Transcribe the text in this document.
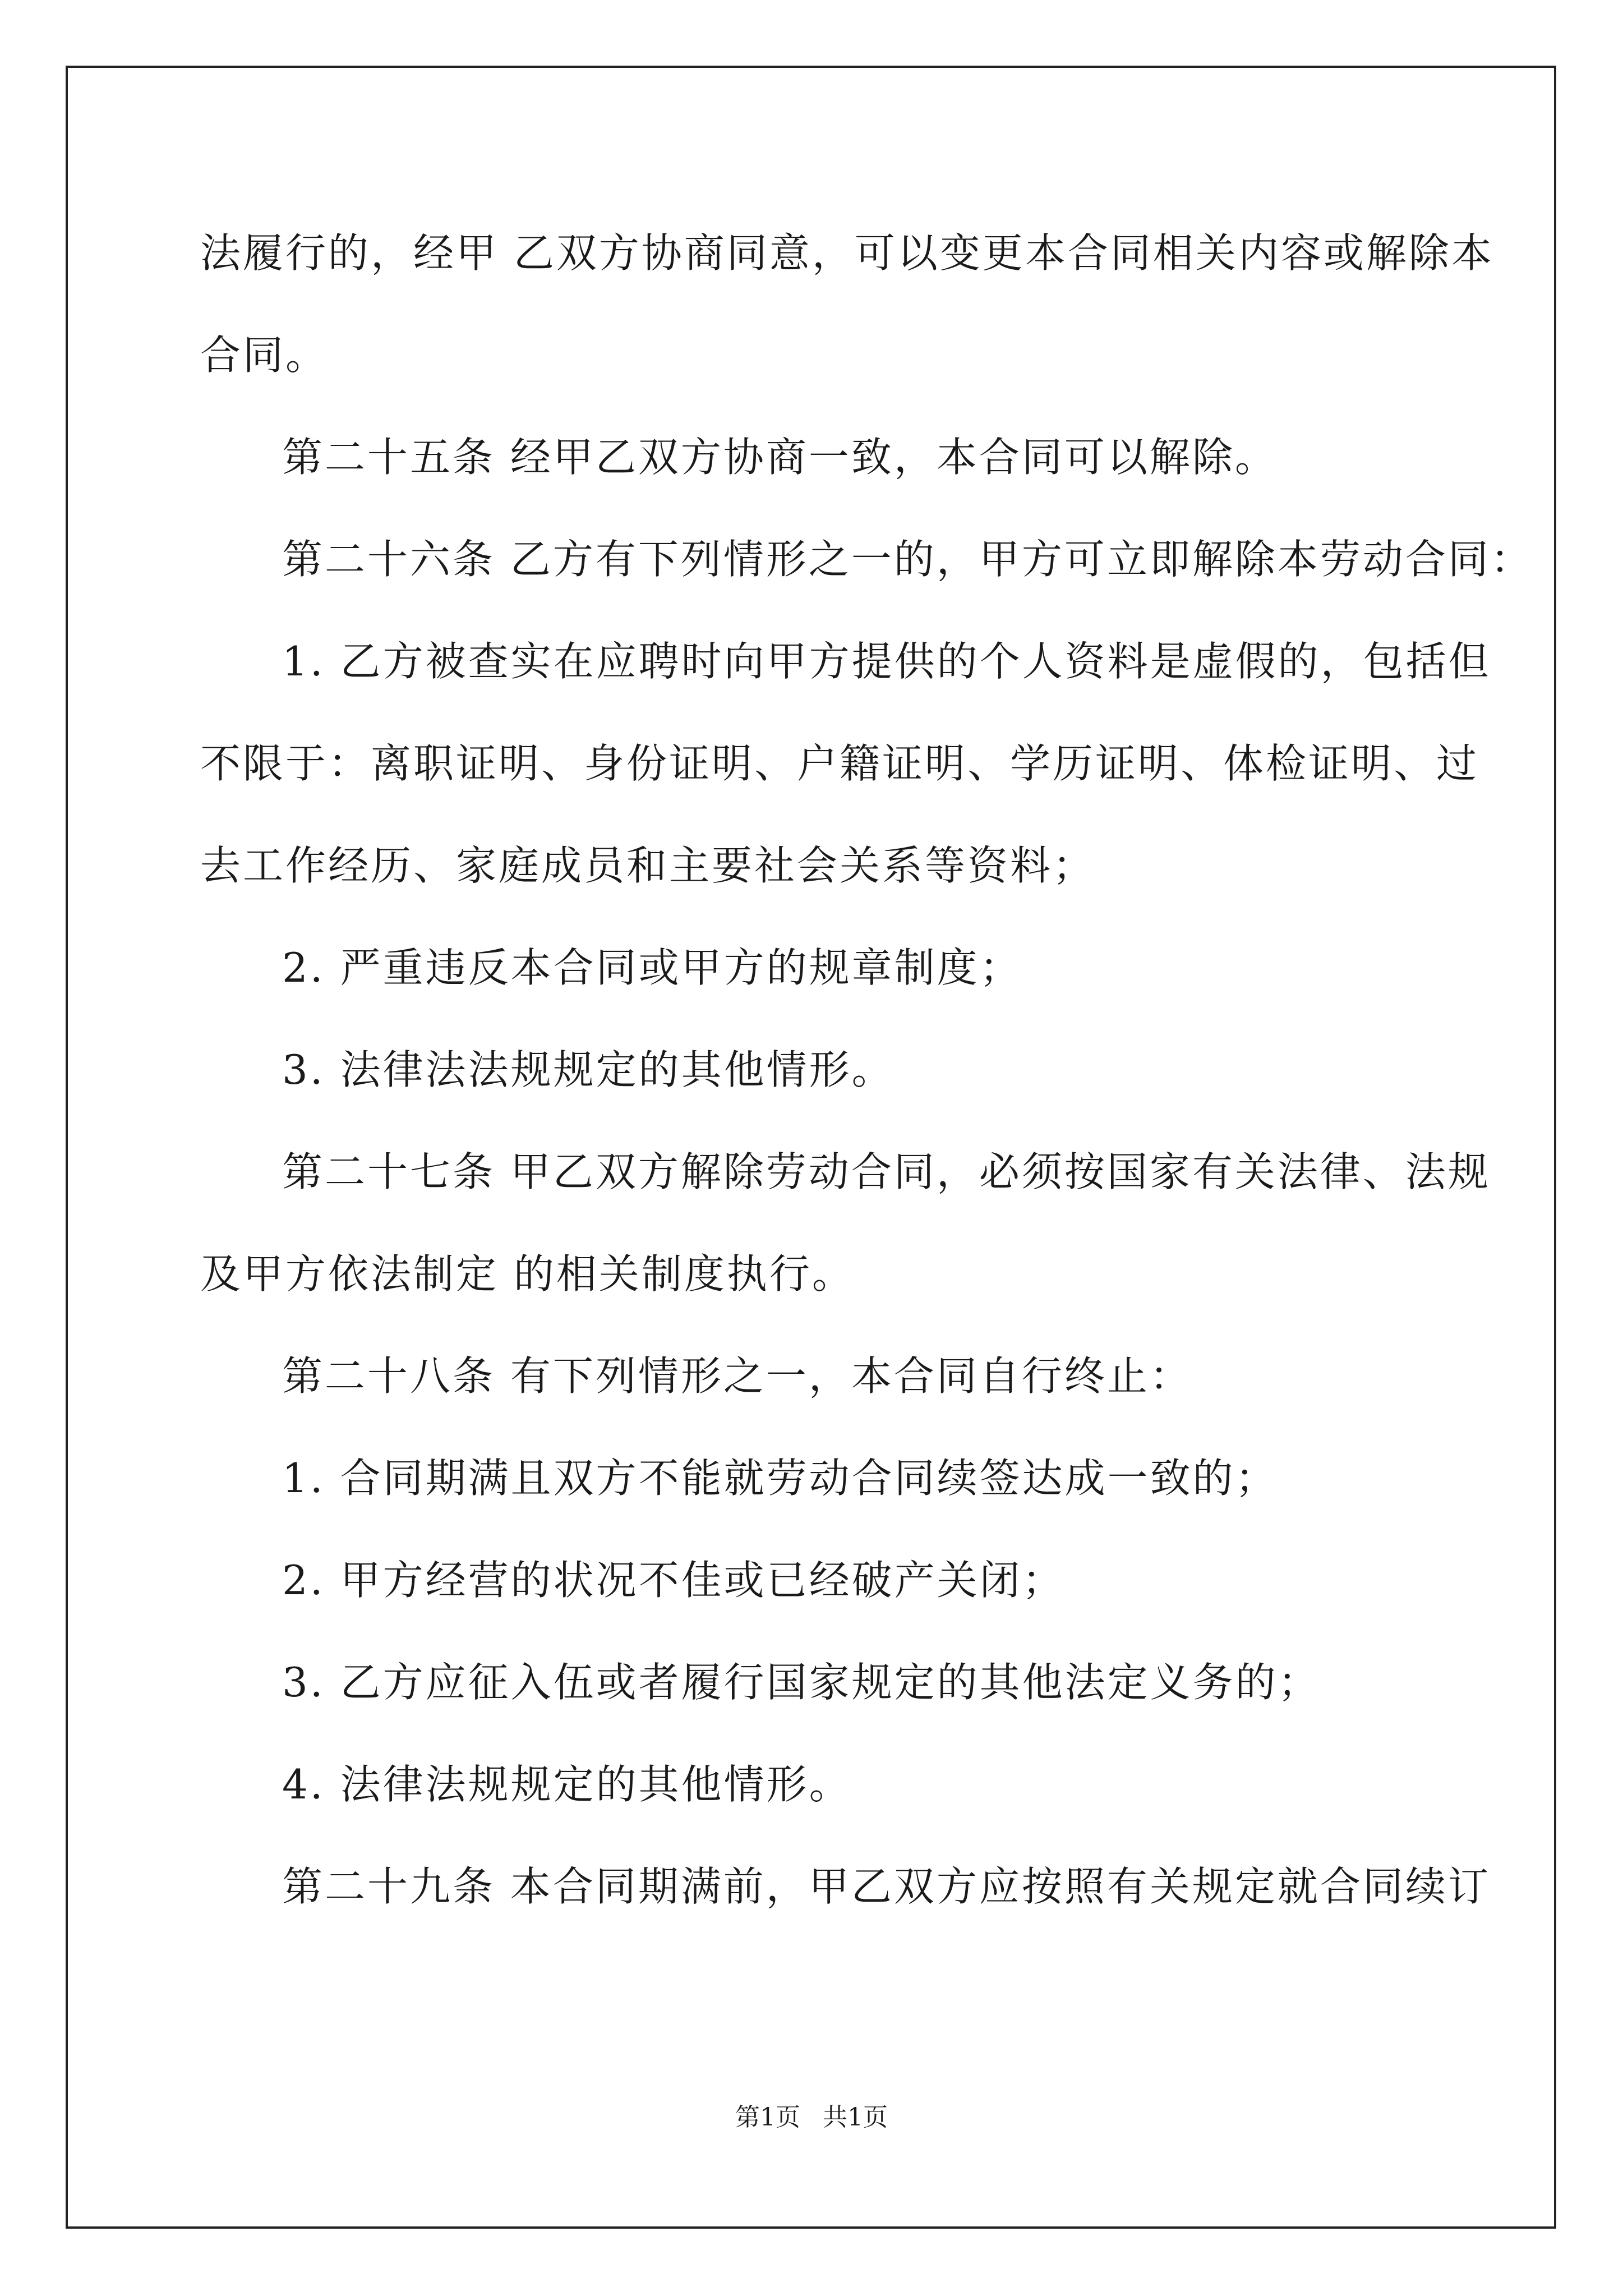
法履行的，经甲 乙双方协商同意，可以变更本合同相关内容或解除本
合同。
第二十五条 经甲乙双方协商一致，本合同可以解除。
第二十六条 乙方有下列情形之一的，甲方可立即解除本劳动合同：
1. 乙方被查实在应聘时向甲方提供的个人资料是虚假的，包括但
不限于：离职证明、身份证明、户籍证明、学历证明、体检证明、过
去工作经历、家庭成员和主要社会关系等资料；
2. 严重违反本合同或甲方的规章制度；
3. 法律法法规规定的其他情形。
第二十七条 甲乙双方解除劳动合同，必须按国家有关法律、法规
及甲方依法制定 的相关制度执行。
第二十八条 有下列情形之一，本合同自行终止：
1. 合同期满且双方不能就劳动合同续签达成一致的；
2. 甲方经营的状况不佳或已经破产关闭；
3. 乙方应征入伍或者履行国家规定的其他法定义务的；
4. 法律法规规定的其他情形。
第二十九条 本合同期满前，甲乙双方应按照有关规定就合同续订
第1页 共1页
